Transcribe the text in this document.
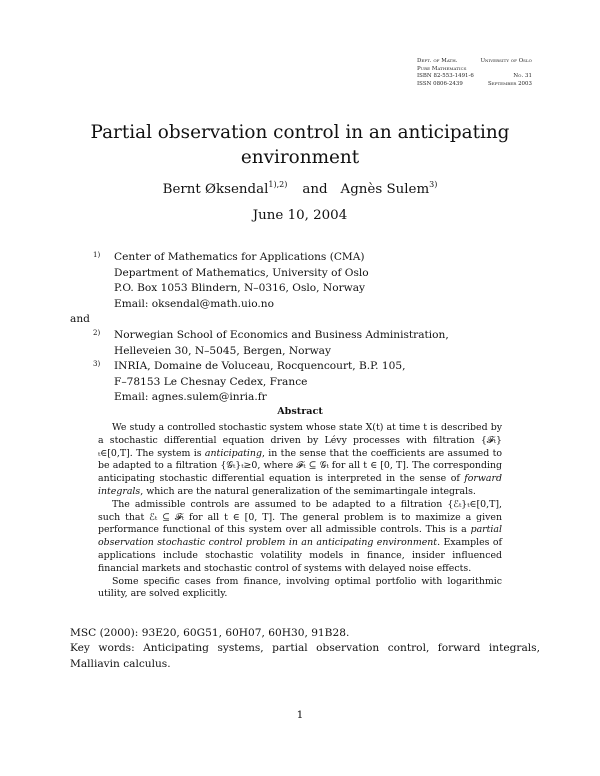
Dept. of Math.	University of Oslo
Pure Mathematics
ISBN 82-553-1491-6	No. 31
ISSN 0806-2439	September 2003
Partial observation control in an anticipating environment
Bernt Øksendal$^{1),2)}$ and Agnès Sulem$^{3)}$
June 10, 2004
1) Center of Mathematics for Applications (CMA)
Department of Mathematics, University of Oslo
P.O. Box 1053 Blindern, N–0316, Oslo, Norway
Email: oksendal@math.uio.no
and
2) Norwegian School of Economics and Business Administration,
Helleveien 30, N–5045, Bergen, Norway
3) INRIA, Domaine de Voluceau, Rocquencourt, B.P. 105,
F–78153 Le Chesnay Cedex, France
Email: agnes.sulem@inria.fr
Abstract

We study a controlled stochastic system whose state X(t) at time t is described by a stochastic differential equation driven by Lévy processes with filtration {𝓕ₜ}ₜ∈[0,T]. The system is anticipating, in the sense that the coefficients are assumed to be adapted to a filtration {𝒢ₜ}ₜ≥0, where 𝓕ₜ ⊆ 𝒢ₜ for all t ∈ [0, T]. The corresponding anticipating stochastic differential equation is interpreted in the sense of forward integrals, which are the natural generalization of the semimartingale integrals.

The admissible controls are assumed to be adapted to a filtration {ℰₜ}ₜ∈[0,T], such that ℰₜ ⊆ 𝓕ₜ for all t ∈ [0, T]. The general problem is to maximize a given performance functional of this system over all admissible controls. This is a partial observation stochastic control problem in an anticipating environment. Examples of applications include stochastic volatility models in finance, insider influenced financial markets and stochastic control of systems with delayed noise effects.

Some specific cases from finance, involving optimal portfolio with logarithmic utility, are solved explicitly.

MSC (2000): 93E20, 60G51, 60H07, 60H30, 91B28.
Key words: Anticipating systems, partial observation control, forward integrals, Malliavin calculus.
1
